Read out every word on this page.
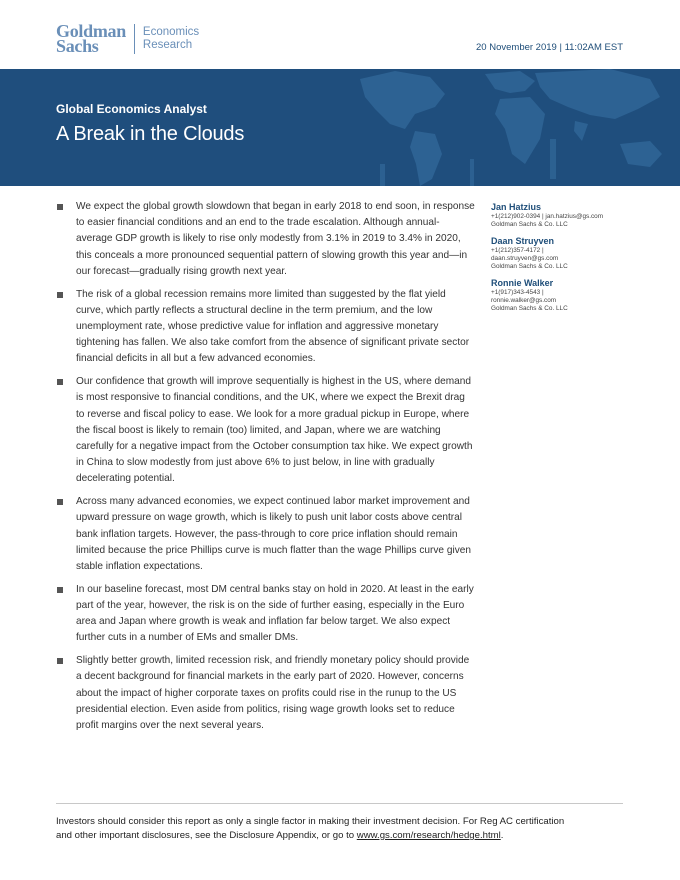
Goldman
Sachs
Economics
Research	20 November 2019 | 11:02AM EST
Global Economics Analyst
A Break in the Clouds
We expect the global growth slowdown that began in early 2018 to end soon, in response to easier financial conditions and an end to the trade escalation. Although annual-average GDP growth is likely to rise only modestly from 3.1% in 2019 to 3.4% in 2020, this conceals a more pronounced sequential pattern of slowing growth this year and—in our forecast—gradually rising growth next year.
The risk of a global recession remains more limited than suggested by the flat yield curve, which partly reflects a structural decline in the term premium, and the low unemployment rate, whose predictive value for inflation and aggressive monetary tightening has fallen. We also take comfort from the absence of significant private sector financial deficits in all but a few advanced economies.
Our confidence that growth will improve sequentially is highest in the US, where demand is most responsive to financial conditions, and the UK, where we expect the Brexit drag to reverse and fiscal policy to ease. We look for a more gradual pickup in Europe, where the fiscal boost is likely to remain (too) limited, and Japan, where we are watching carefully for a negative impact from the October consumption tax hike. We expect growth in China to slow modestly from just above 6% to just below, in line with gradually decelerating potential.
Across many advanced economies, we expect continued labor market improvement and upward pressure on wage growth, which is likely to push unit labor costs above central bank inflation targets. However, the pass-through to core price inflation should remain limited because the price Phillips curve is much flatter than the wage Phillips curve given stable inflation expectations.
In our baseline forecast, most DM central banks stay on hold in 2020. At least in the early part of the year, however, the risk is on the side of further easing, especially in the Euro area and Japan where growth is weak and inflation far below target. We also expect further cuts in a number of EMs and smaller DMs.
Slightly better growth, limited recession risk, and friendly monetary policy should provide a decent background for financial markets in the early part of 2020. However, concerns about the impact of higher corporate taxes on profits could rise in the runup to the US presidential election. Even aside from politics, rising wage growth looks set to reduce profit margins over the next several years.
Jan Hatzius
+1(212)902-0394 | jan.hatzius@gs.com
Goldman Sachs & Co. LLC
Daan Struyven
+1(212)357-4172 |
daan.struyven@gs.com
Goldman Sachs & Co. LLC
Ronnie Walker
+1(917)343-4543 |
ronnie.walker@gs.com
Goldman Sachs & Co. LLC
Investors should consider this report as only a single factor in making their investment decision. For Reg AC certification and other important disclosures, see the Disclosure Appendix, or go to www.gs.com/research/hedge.html.
